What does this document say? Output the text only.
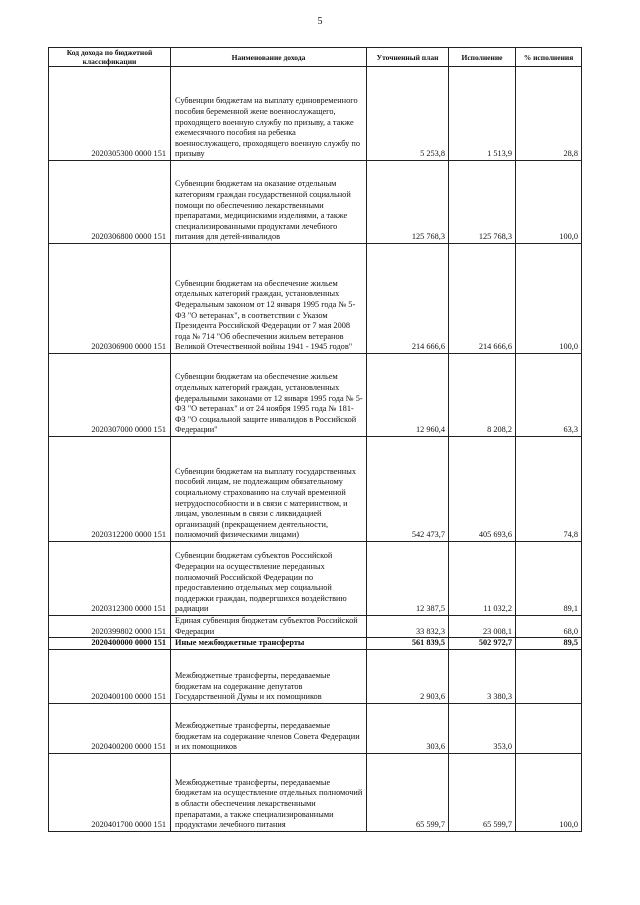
5
Код дохода по бюджетной классификации	Наименование дохода	Уточненный план	Исполнение	% исполнения
2020305300 0000 151	Субвенции бюджетам на выплату единовременного пособия беременной жене военнослужащего, проходящего военную службу по призыву, а также ежемесячного пособия на ребенка военнослужащего, проходящего военную службу по призыву	5 253,8	1 513,9	28,8
2020306800 0000 151	Субвенции бюджетам на оказание отдельным категориям граждан государственной социальной помощи по обеспечению лекарственными препаратами, медицинскими изделиями, а также специализированными продуктами лечебного питания для детей-инвалидов	125 768,3	125 768,3	100,0
2020306900 0000 151	Субвенции бюджетам на обеспечение жильем отдельных категорий граждан, установленных Федеральным законом от 12 января 1995 года № 5-ФЗ "О ветеранах", в соответствии с Указом Президента Российской Федерации от 7 мая 2008 года № 714 "Об обеспечении жильем ветеранов Великой Отечественной войны 1941 - 1945 годов"	214 666,6	214 666,6	100,0
2020307000 0000 151	Субвенции бюджетам на обеспечение жильем отдельных категорий граждан, установленных федеральными законами от 12 января 1995 года № 5-ФЗ "О ветеранах" и от 24 ноября 1995 года № 181-ФЗ "О социальной защите инвалидов в Российской Федерации"	12 960,4	8 208,2	63,3
2020312200 0000 151	Субвенции бюджетам на выплату государственных пособий лицам, не подлежащим обязательному социальному страхованию на случай временной нетрудоспособности и в связи с материнством, и лицам, уволенным в связи с ликвидацией организаций (прекращением деятельности, полномочий физическими лицами)	542 473,7	405 693,6	74,8
2020312300 0000 151	Субвенции бюджетам субъектов Российской Федерации на осуществление переданных полномочий Российской Федерации по предоставлению отдельных мер социальной поддержки граждан, подвергшихся воздействию радиации	12 387,5	11 032,2	89,1
2020399802 0000 151	Единая субвенция бюджетам субъектов Российской Федерации	33 832,3	23 008,1	68,0
2020400000 0000 151	Иные межбюджетные трансферты	561 839,5	502 972,7	89,5
2020400100 0000 151	Межбюджетные трансферты, передаваемые бюджетам на содержание депутатов Государственной Думы и их помощников	2 903,6	3 380,3	
2020400200 0000 151	Межбюджетные трансферты, передаваемые бюджетам на содержание членов Совета Федерации и их помощников	303,6	353,0	
2020401700 0000 151	Межбюджетные трансферты, передаваемые бюджетам на осуществление отдельных полномочий в области обеспечения лекарственными препаратами, а также специализированными продуктами лечебного питания	65 599,7	65 599,7	100,0
